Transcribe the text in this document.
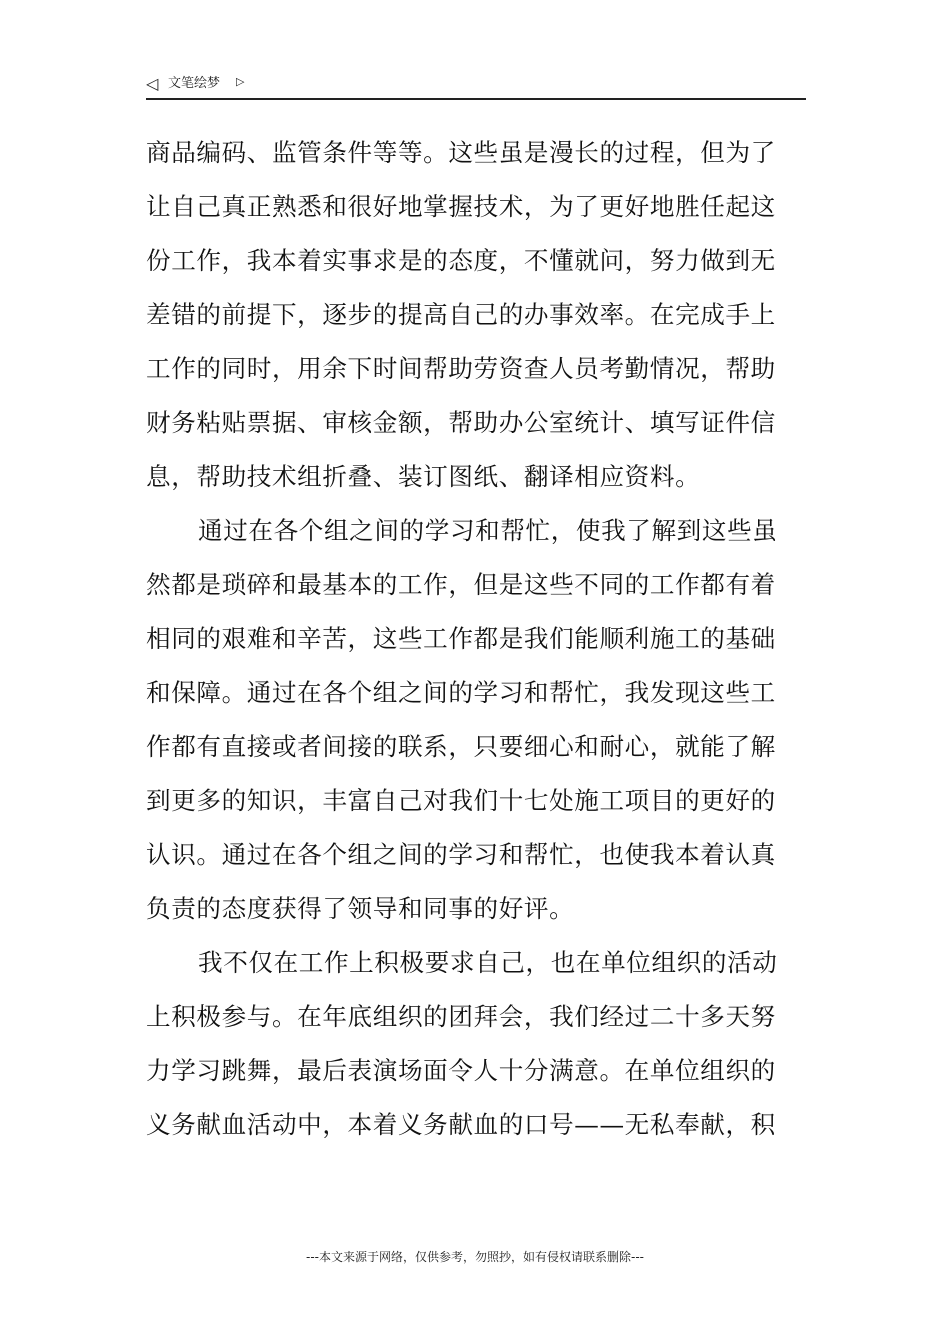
◁ 文笔绘梦 ▷
商品编码、监管条件等等。这些虽是漫长的过程，但为了
让自己真正熟悉和很好地掌握技术，为了更好地胜任起这
份工作，我本着实事求是的态度，不懂就问，努力做到无
差错的前提下，逐步的提高自己的办事效率。在完成手上
工作的同时，用余下时间帮助劳资查人员考勤情况，帮助
财务粘贴票据、审核金额，帮助办公室统计、填写证件信
息，帮助技术组折叠、装订图纸、翻译相应资料。
通过在各个组之间的学习和帮忙，使我了解到这些虽
然都是琐碎和最基本的工作，但是这些不同的工作都有着
相同的艰难和辛苦，这些工作都是我们能顺利施工的基础
和保障。通过在各个组之间的学习和帮忙，我发现这些工
作都有直接或者间接的联系，只要细心和耐心，就能了解
到更多的知识，丰富自己对我们十七处施工项目的更好的
认识。通过在各个组之间的学习和帮忙，也使我本着认真
负责的态度获得了领导和同事的好评。
我不仅在工作上积极要求自己，也在单位组织的活动
上积极参与。在年底组织的团拜会，我们经过二十多天努
力学习跳舞，最后表演场面令人十分满意。在单位组织的
义务献血活动中，本着义务献血的口号——无私奉献，积
---本文来源于网络，仅供参考，勿照抄，如有侵权请联系删除---
